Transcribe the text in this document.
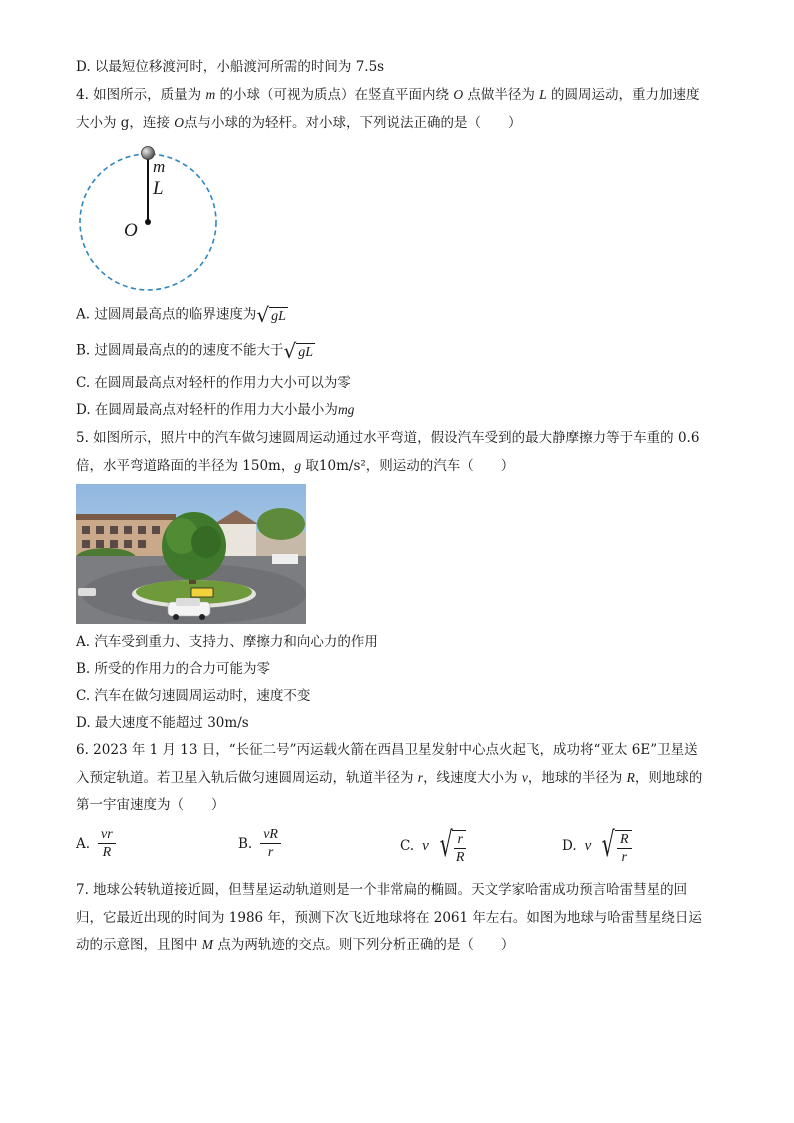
D. 以最短位移渡河时，小船渡河所需的时间为 7.5s
4. 如图所示，质量为 m 的小球（可视为质点）在竖直平面内绕 O 点做半径为 L 的圆周运动，重力加速度
大小为 g，连接 O点与小球的为轻杆。对小球，下列说法正确的是（　　）
m
L
O
A. 过圆周最高点的临界速度为 √ gL
B. 过圆周最高点的的速度不能大于 √ gL
C. 在圆周最高点对轻杆的作用力大小可以为零
D. 在圆周最高点对轻杆的作用力大小最小为mg
5. 如图所示，照片中的汽车做匀速圆周运动通过水平弯道，假设汽车受到的最大静摩擦力等于车重的 0.6
倍，水平弯道路面的半径为 150m，g 取10m/s²，则运动的汽车（　　）
A. 汽车受到重力、支持力、摩擦力和向心力的作用
B. 所受的作用力的合力可能为零
C. 汽车在做匀速圆周运动时，速度不变
D. 最大速度不能超过 30m/s
6. 2023 年 1 月 13 日，“长征二号”丙运载火箭在西昌卫星发射中心点火起飞，成功将“亚太 6E”卫星送
入预定轨道。若卫星入轨后做匀速圆周运动，轨道半径为 r，线速度大小为 v，地球的半径为 R，则地球的
第一宇宙速度为（　　）
A. $\frac{vr}{R}$	B. $\frac{vR}{r}$	C. v √ $\frac{r}{R}$	D. v √ $\frac{R}{r}$
7. 地球公转轨道接近圆，但彗星运动轨道则是一个非常扁的椭圆。天文学家哈雷成功预言哈雷彗星的回
归，它最近出现的时间为 1986 年，预测下次飞近地球将在 2061 年左右。如图为地球与哈雷彗星绕日运
动的示意图，且图中 M 点为两轨迹的交点。则下列分析正确的是（　　）
